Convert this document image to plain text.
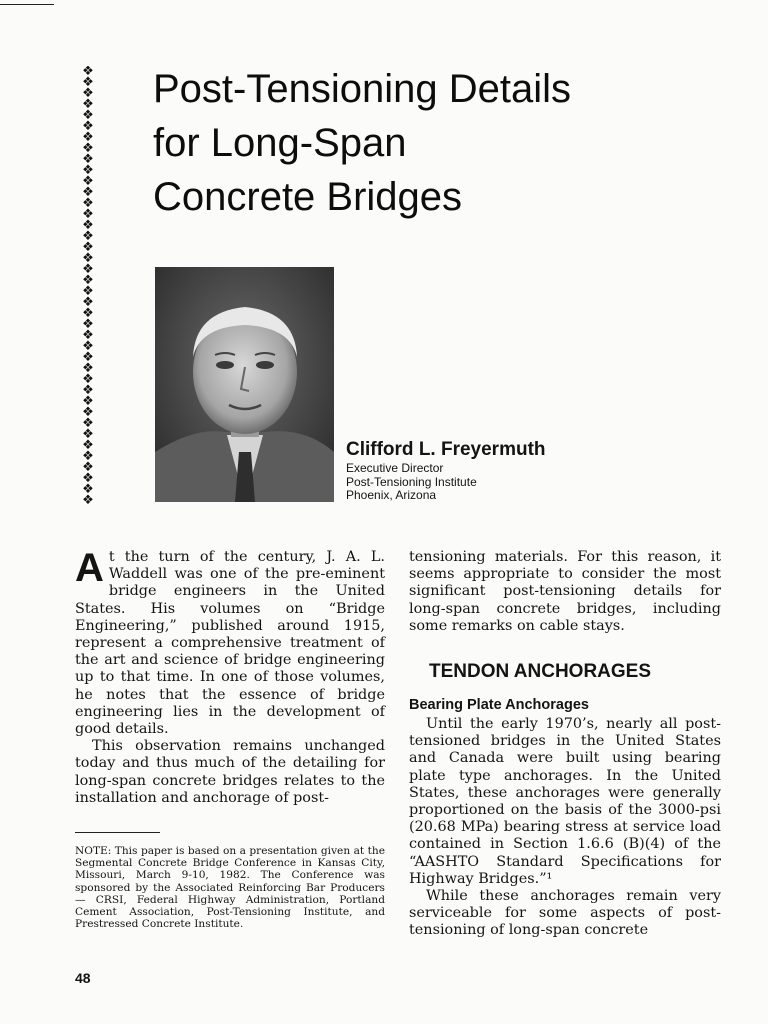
❖
❖
❖
❖
❖
❖
❖
❖
❖
❖
❖
❖
❖
❖
❖
❖
❖
❖
❖
❖
❖
❖
❖
❖
❖
❖
❖
❖
❖
❖
❖
❖
❖
❖
❖
❖
❖
❖
❖
❖
Post-Tensioning Details
for Long-Span
Concrete Bridges
Clifford L. Freyermuth
Executive Director
Post-Tensioning Institute
Phoenix, Arizona

At the turn of the century, J. A. L. Waddell was one of the pre-eminent bridge engineers in the United States. His volumes on “Bridge Engineering,” published around 1915, represent a comprehensive treatment of the art and science of bridge engineering up to that time. In one of those volumes, he notes that the essence of bridge engineering lies in the development of good details.

This observation remains unchanged today and thus much of the detailing for long-span concrete bridges relates to the installation and anchorage of post-

NOTE: This paper is based on a presentation given at the Segmental Concrete Bridge Conference in Kansas City, Missouri, March 9-10, 1982. The Conference was sponsored by the Associated Reinforcing Bar Producers — CRSI, Federal Highway Administration, Portland Cement Association, Post-Tensioning Institute, and Prestressed Concrete Institute.

tensioning materials. For this reason, it seems appropriate to consider the most significant post-tensioning details for long-span concrete bridges, including some remarks on cable stays.

TENDON ANCHORAGES
Bearing Plate Anchorages

Until the early 1970’s, nearly all post-tensioned bridges in the United States and Canada were built using bearing plate type anchorages. In the United States, these anchorages were generally proportioned on the basis of the 3000-psi (20.68 MPa) bearing stress at service load contained in Section 1.6.6 (B)(4) of the “AASHTO Standard Specifications for Highway Bridges.”¹

While these anchorages remain very serviceable for some aspects of post-tensioning of long-span concrete

48
